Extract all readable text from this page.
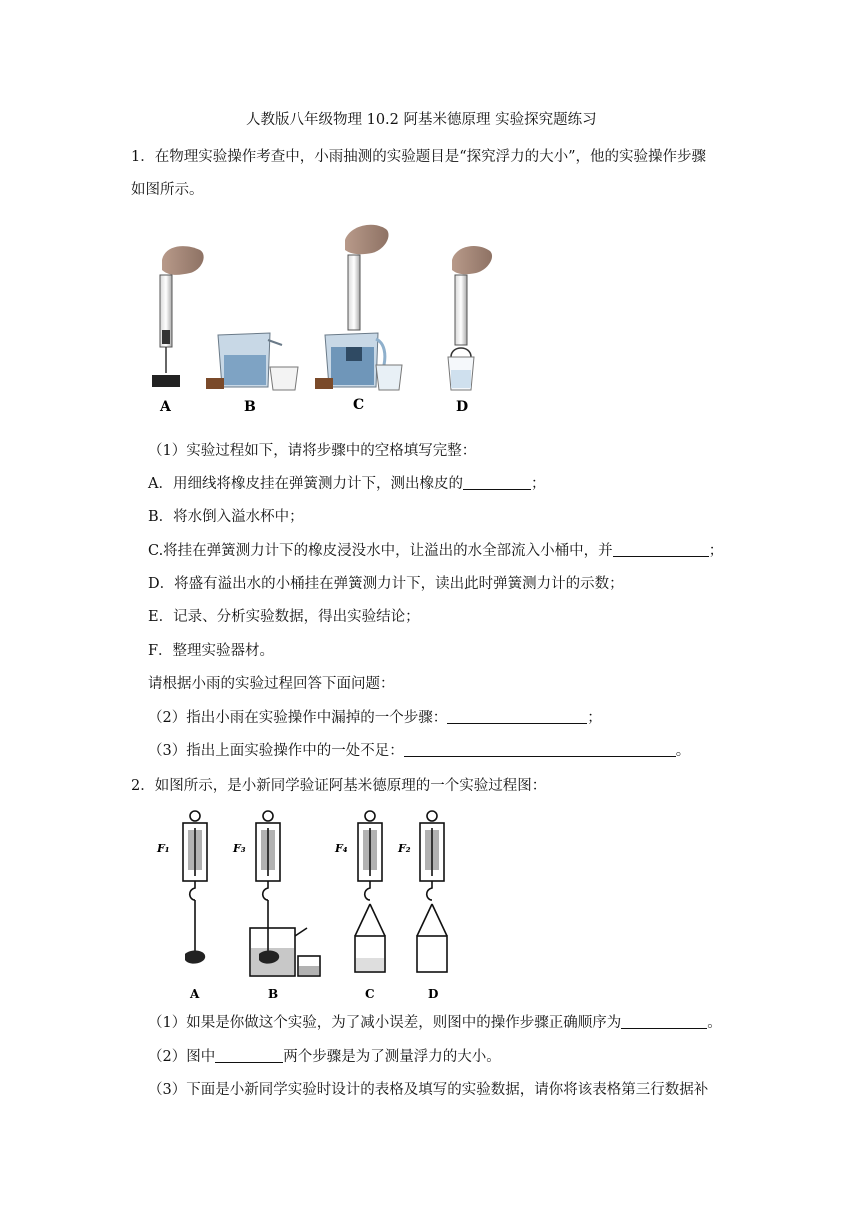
人教版八年级物理 10.2 阿基米德原理 实验探究题练习
1．在物理实验操作考查中，小雨抽测的实验题目是“探究浮力的大小”，他的实验操作步骤
如图所示。
A	B	C	D
（1）实验过程如下，请将步骤中的空格填写完整：
A．用细线将橡皮挂在弹簧测力计下，测出橡皮的	；
B．将水倒入溢水杯中；
C.将挂在弹簧测力计下的橡皮浸没水中，让溢出的水全部流入小桶中，并	；
D．将盛有溢出水的小桶挂在弹簧测力计下，读出此时弹簧测力计的示数；
E．记录、分析实验数据，得出实验结论；
F．整理实验器材。
请根据小雨的实验过程回答下面问题：
（2）指出小雨在实验操作中漏掉的一个步骤：	；
（3）指出上面实验操作中的一处不足：	。
2．如图所示，是小新同学验证阿基米德原理的一个实验过程图：
F₁	F₃	F₄	F₂
A	B	C	D
（1）如果是你做这个实验，为了减小误差，则图中的操作步骤正确顺序为	。
（2）图中	两个步骤是为了测量浮力的大小。
（3）下面是小新同学实验时设计的表格及填写的实验数据，请你将该表格第三行数据补
